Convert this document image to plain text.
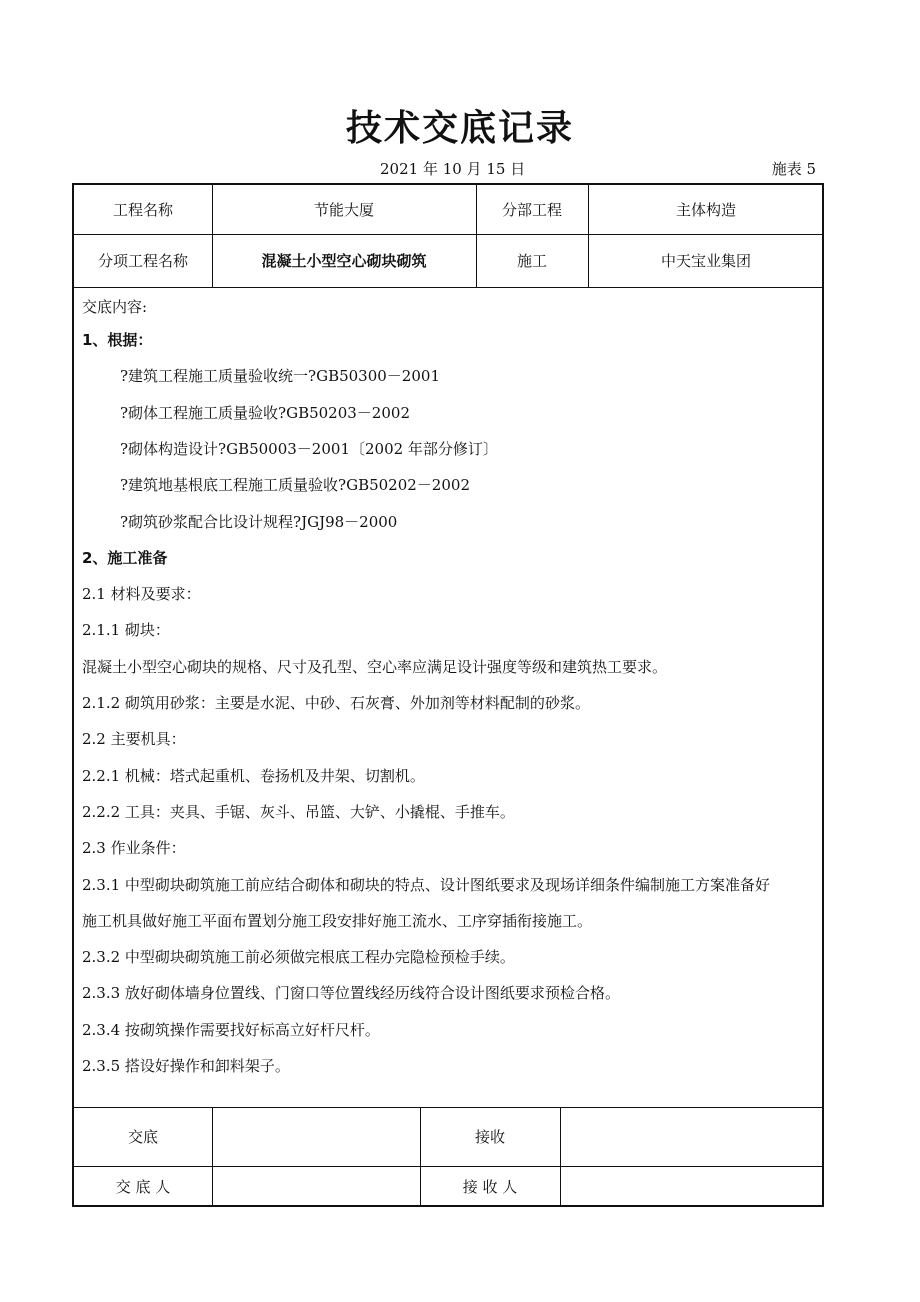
技术交底记录
2021 年 10 月 15 日	施表 5
工程名称	节能大厦	分部工程	主体构造
分项工程名称	混凝土小型空心砌块砌筑	施工	中天宝业集团
交底内容:
1、根据：
?建筑工程施工质量验收统一?GB50300－2001
?砌体工程施工质量验收?GB50203－2002
?砌体构造设计?GB50003－2001〔2002 年部分修订〕
?建筑地基根底工程施工质量验收?GB50202－2002
?砌筑砂浆配合比设计规程?JGJ98－2000
2、施工准备
2.1 材料及要求：
2.1.1 砌块：
混凝土小型空心砌块的规格、尺寸及孔型、空心率应满足设计强度等级和建筑热工要求。
2.1.2 砌筑用砂浆：主要是水泥、中砂、石灰膏、外加剂等材料配制的砂浆。
2.2 主要机具：
2.2.1 机械：塔式起重机、卷扬机及井架、切割机。
2.2.2 工具：夹具、手锯、灰斗、吊篮、大铲、小撬棍、手推车。
2.3 作业条件：
2.3.1 中型砌块砌筑施工前应结合砌体和砌块的特点、设计图纸要求及现场详细条件编制施工方案准备好
施工机具做好施工平面布置划分施工段安排好施工流水、工序穿插衔接施工。
2.3.2 中型砌块砌筑施工前必须做完根底工程办完隐检预检手续。
2.3.3 放好砌体墙身位置线、门窗口等位置线经历线符合设计图纸要求预检合格。
2.3.4 按砌筑操作需要找好标高立好杆尺杆。
2.3.5 搭设好操作和卸料架子。
交底	接收
交 底 人	接 收 人
